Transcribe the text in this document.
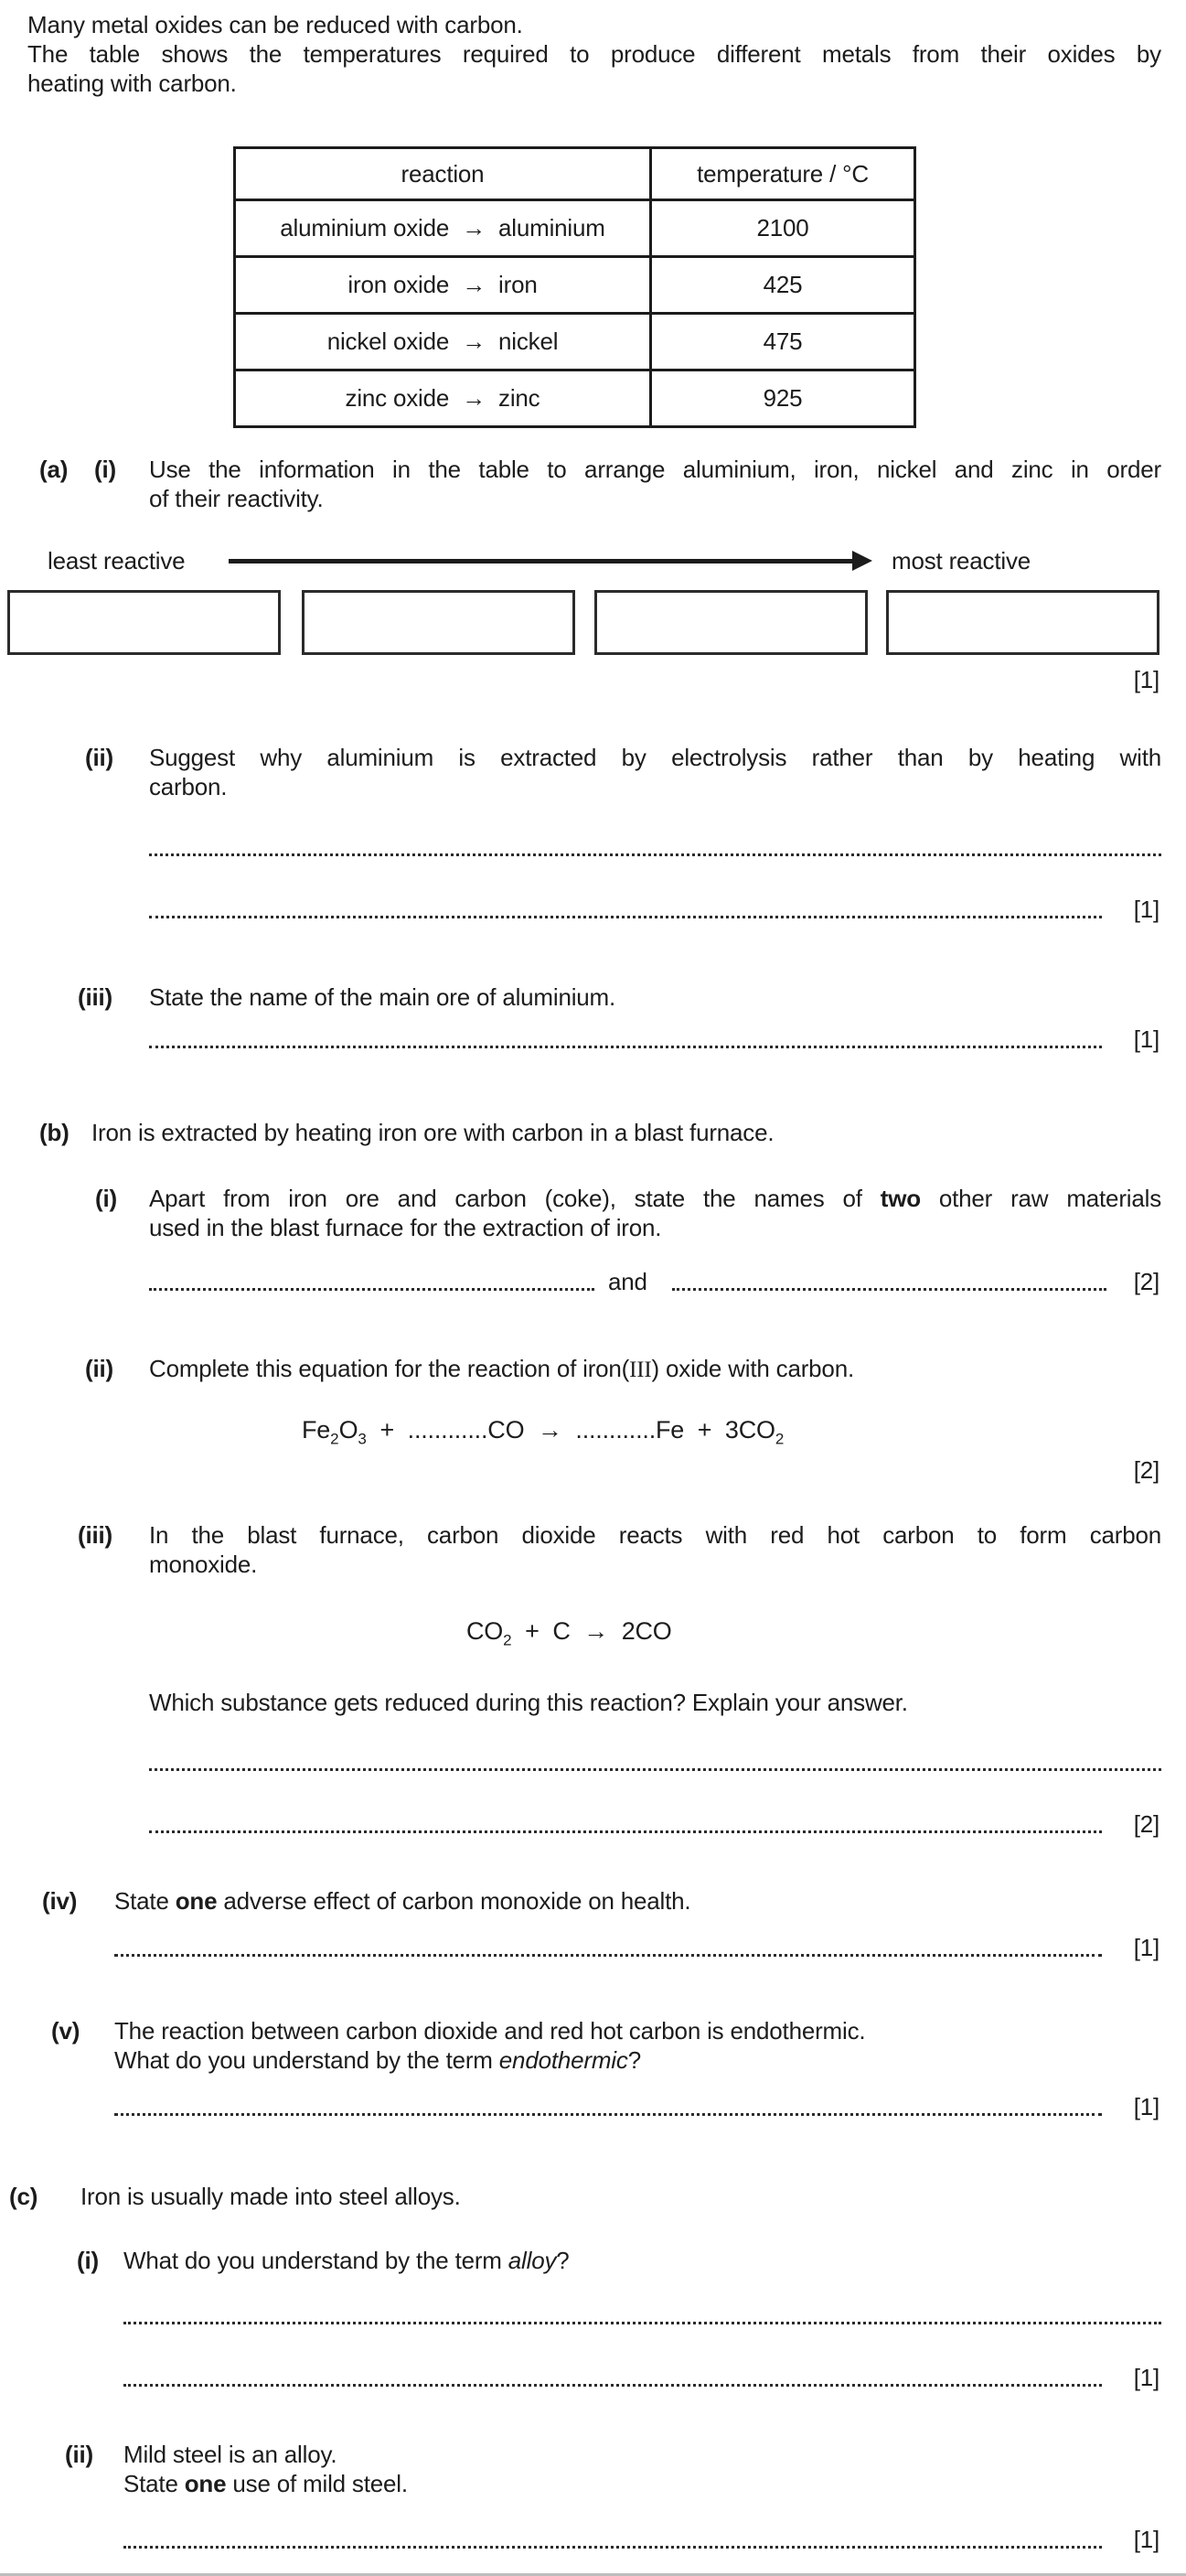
Many metal oxides can be reduced with carbon.
The table shows the temperatures required to produce different metals from their oxides by
heating with carbon.
reaction	temperature / °C
aluminium oxide  →  aluminium	2100
iron oxide  →  iron	425
nickel oxide  →  nickel	475
zinc oxide  →  zinc	925
(a) (i) Use the information in the table to arrange aluminium, iron, nickel and zinc in order
of their reactivity.
least reactive	most reactive
[1]
(ii) Suggest why aluminium is extracted by electrolysis rather than by heating with
carbon.
[1]
(iii) State the name of the main ore of aluminium.
[1]
(b) Iron is extracted by heating iron ore with carbon in a blast furnace.
(i) Apart from iron ore and carbon (coke), state the names of two other raw materials
used in the blast furnace for the extraction of iron.
and	[2]
(ii) Complete this equation for the reaction of iron(III) oxide with carbon.
$Fe_2O_3 + ............CO \to ............Fe + 3CO_2$
[2]
(iii) In the blast furnace, carbon dioxide reacts with red hot carbon to form carbon
monoxide.
$CO_2 + C \to 2CO$
Which substance gets reduced during this reaction? Explain your answer.
[2]
(iv) State one adverse effect of carbon monoxide on health.
[1]
(v) The reaction between carbon dioxide and red hot carbon is endothermic.
What do you understand by the term endothermic?
[1]
(c) Iron is usually made into steel alloys.
(i) What do you understand by the term alloy?
[1]
(ii) Mild steel is an alloy.
State one use of mild steel.
[1]
